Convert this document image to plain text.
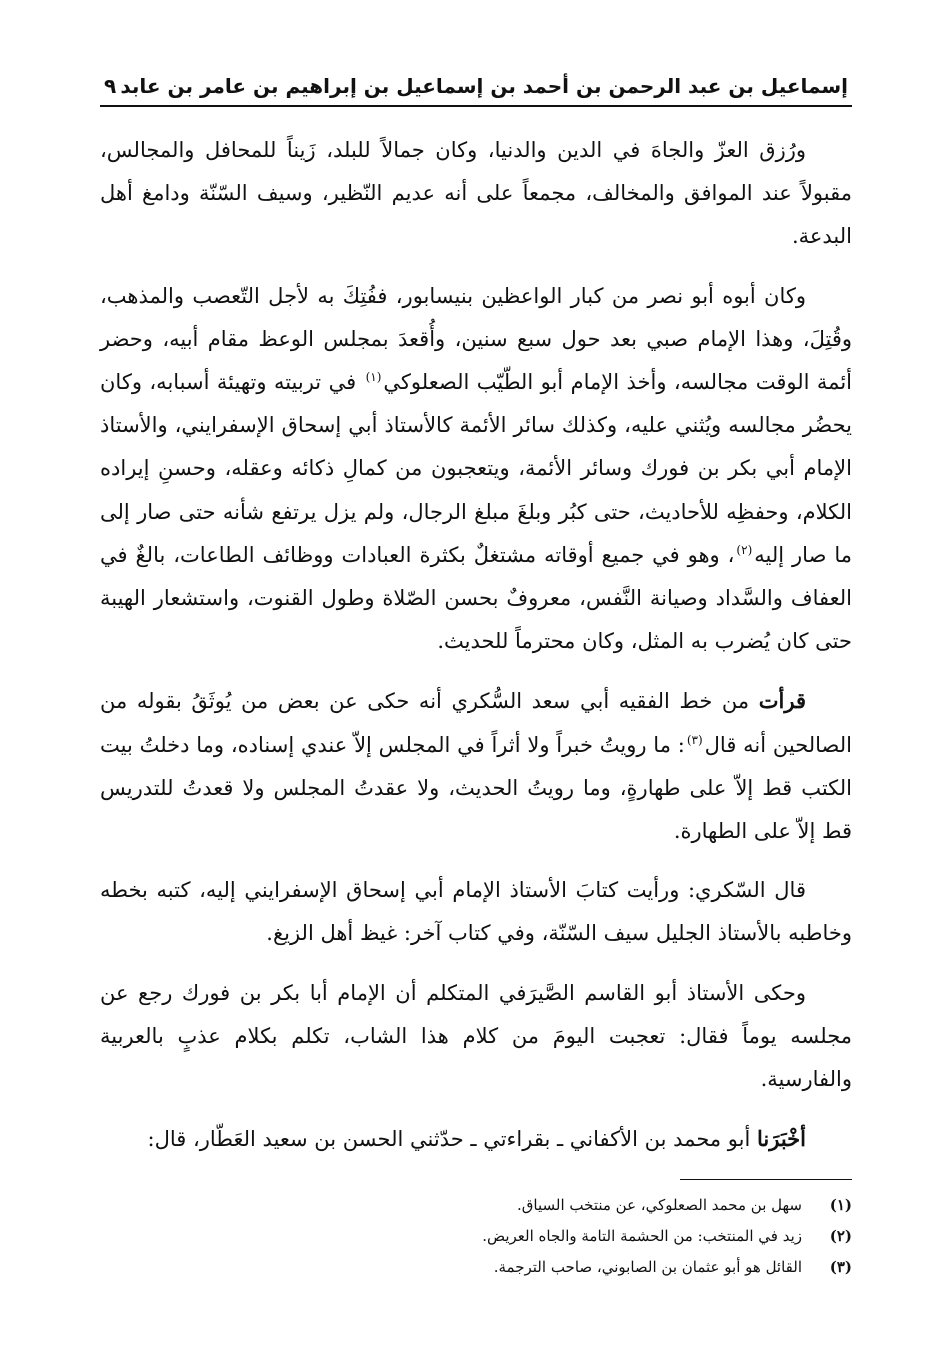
إسماعيل بن عبد الرحمن بن أحمد بن إسماعيل بن إبراهيم بن عامر بن عابد
٩

ورُزق العزّ والجاهَ في الدين والدنيا، وكان جمالاً للبلد، زَيناً للمحافل والمجالس، مقبولاً عند الموافق والمخالف، مجمعاً على أنه عديم النّظير، وسيف السّنّة ودامغ أهل البدعة.

وكان أبوه أبو نصر من كبار الواعظين بنيسابور، ففُتِكَ به لأجل التّعصب والمذهب، وقُتِلَ، وهذا الإمام صبي بعد حول سبع سنين، وأُقعدَ بمجلس الوعظ مقام أبيه، وحضر أئمة الوقت مجالسه، وأخذ الإمام أبو الطّيّب الصعلوكي$^{(١)}$ في تربيته وتهيئة أسبابه، وكان يحضُر مجالسه ويُثني عليه، وكذلك سائر الأئمة كالأستاذ أبي إسحاق الإسفرايني، والأستاذ الإمام أبي بكر بن فورك وسائر الأئمة، ويتعجبون من كمالِ ذكائه وعقله، وحسنِ إيراده الكلام، وحفظِه للأحاديث، حتى كبُر وبلغَ مبلغ الرجال، ولم يزل يرتفع شأنه حتى صار إلى ما صار إليه$^{(٢)}$، وهو في جميع أوقاته مشتغلٌ بكثرة العبادات ووظائف الطاعات، بالغٌ في العفاف والسَّداد وصيانة النَّفس، معروفٌ بحسن الصّلاة وطول القنوت، واستشعار الهيبة حتى كان يُضرب به المثل، وكان محترماً للحديث.

قرأت من خط الفقيه أبي سعد السُّكري أنه حكى عن بعض من يُوثَقُ بقوله من الصالحين أنه قال$^{(٣)}$: ما رويتُ خبراً ولا أثراً في المجلس إلاّ عندي إسناده، وما دخلتُ بيت الكتب قط إلاّ على طهارةٍ، وما رويتُ الحديث، ولا عقدتُ المجلس ولا قعدتُ للتدريس قط إلاّ على الطهارة.

قال السّكري: ورأيت كتابَ الأستاذ الإمام أبي إسحاق الإسفرايني إليه، كتبه بخطه وخاطبه بالأستاذ الجليل سيف السّنّة، وفي كتاب آخر: غيظ أهل الزيغ.

وحكى الأستاذ أبو القاسم الصَّيرَفي المتكلم أن الإمام أبا بكر بن فورك رجع عن مجلسه يوماً فقال: تعجبت اليومَ من كلام هذا الشاب، تكلم بكلام عذبٍ بالعربية والفارسية.

أخْبَرَنا أبو محمد بن الأكفاني ـ بقراءتي ـ حدّثني الحسن بن سعيد العَطّار، قال:

(١)
سهل بن محمد الصعلوكي، عن منتخب السياق.
(٢)
زيد في المنتخب: من الحشمة التامة والجاه العريض.
(٣)
القائل هو أبو عثمان بن الصابوني، صاحب الترجمة.
